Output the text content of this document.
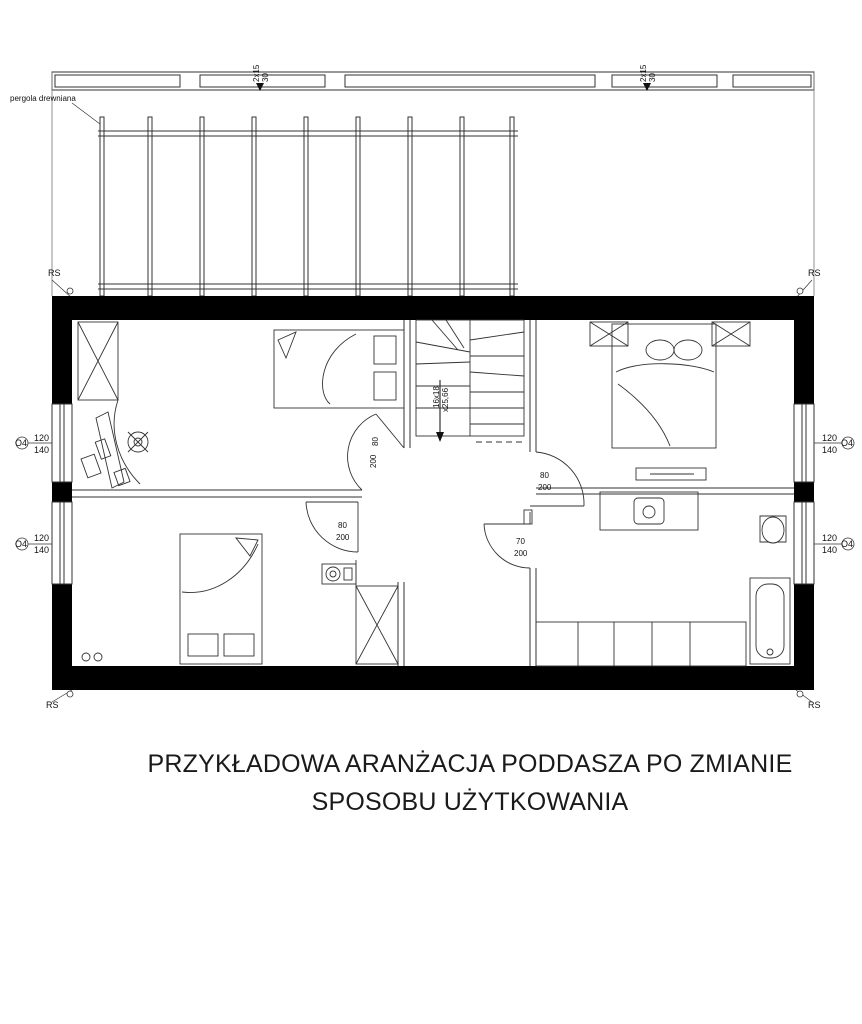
2x15 30	2x15 30
pergola drewniana
RS	RS
RS	RS
O4 120
140
O4
120
140
O4
120
140
O4
120
140
16x18 x25,66
80
200
80
200
80
200
70
200
PRZYKŁADOWA ARANŻACJA PODDASZA PO ZMIANIE
SPOSOBU UŻYTKOWANIA
